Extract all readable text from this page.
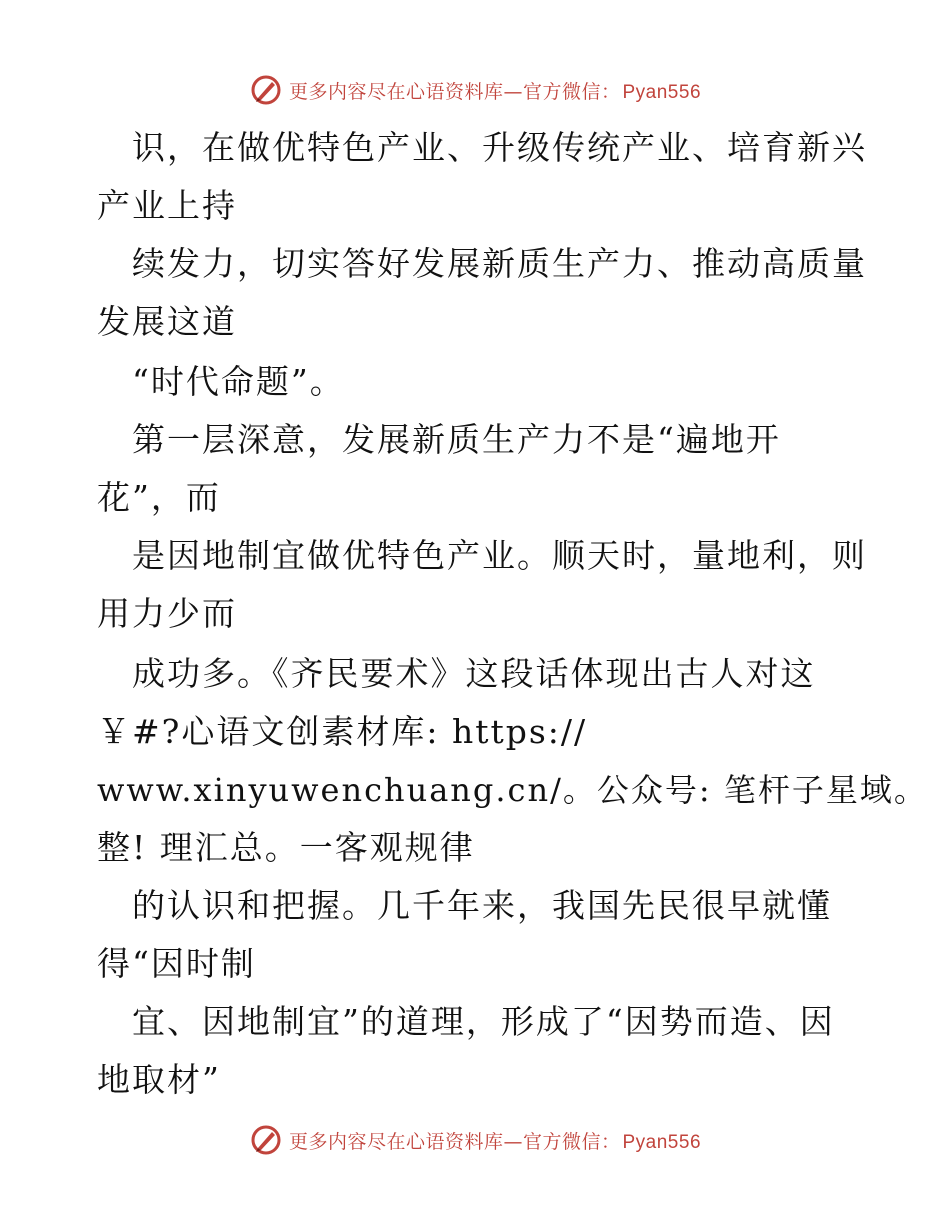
更多内容尽在心语资料库—官方微信： Pyan556
　识，在做优特色产业、升级传统产业、培育新兴
产业上持
　续发力，切实答好发展新质生产力、推动高质量
发展这道
　“时代命题”。
　第一层深意，发展新质生产力不是“遍地开
花”，而
　是因地制宜做优特色产业。顺天时，量地利，则
用力少而
　成功多。《齐民要术》这段话体现出古人对这
￥#?心语文创素材库: https://
www.xinyuwenchuang.cn/。公众号: 笔杆子星域。
整! 理汇总。一客观规律
　的认识和把握。几千年来，我国先民很早就懂
得“因时制
　宜、因地制宜”的道理，形成了“因势而造、因
地取材”
更多内容尽在心语资料库—官方微信： Pyan556
